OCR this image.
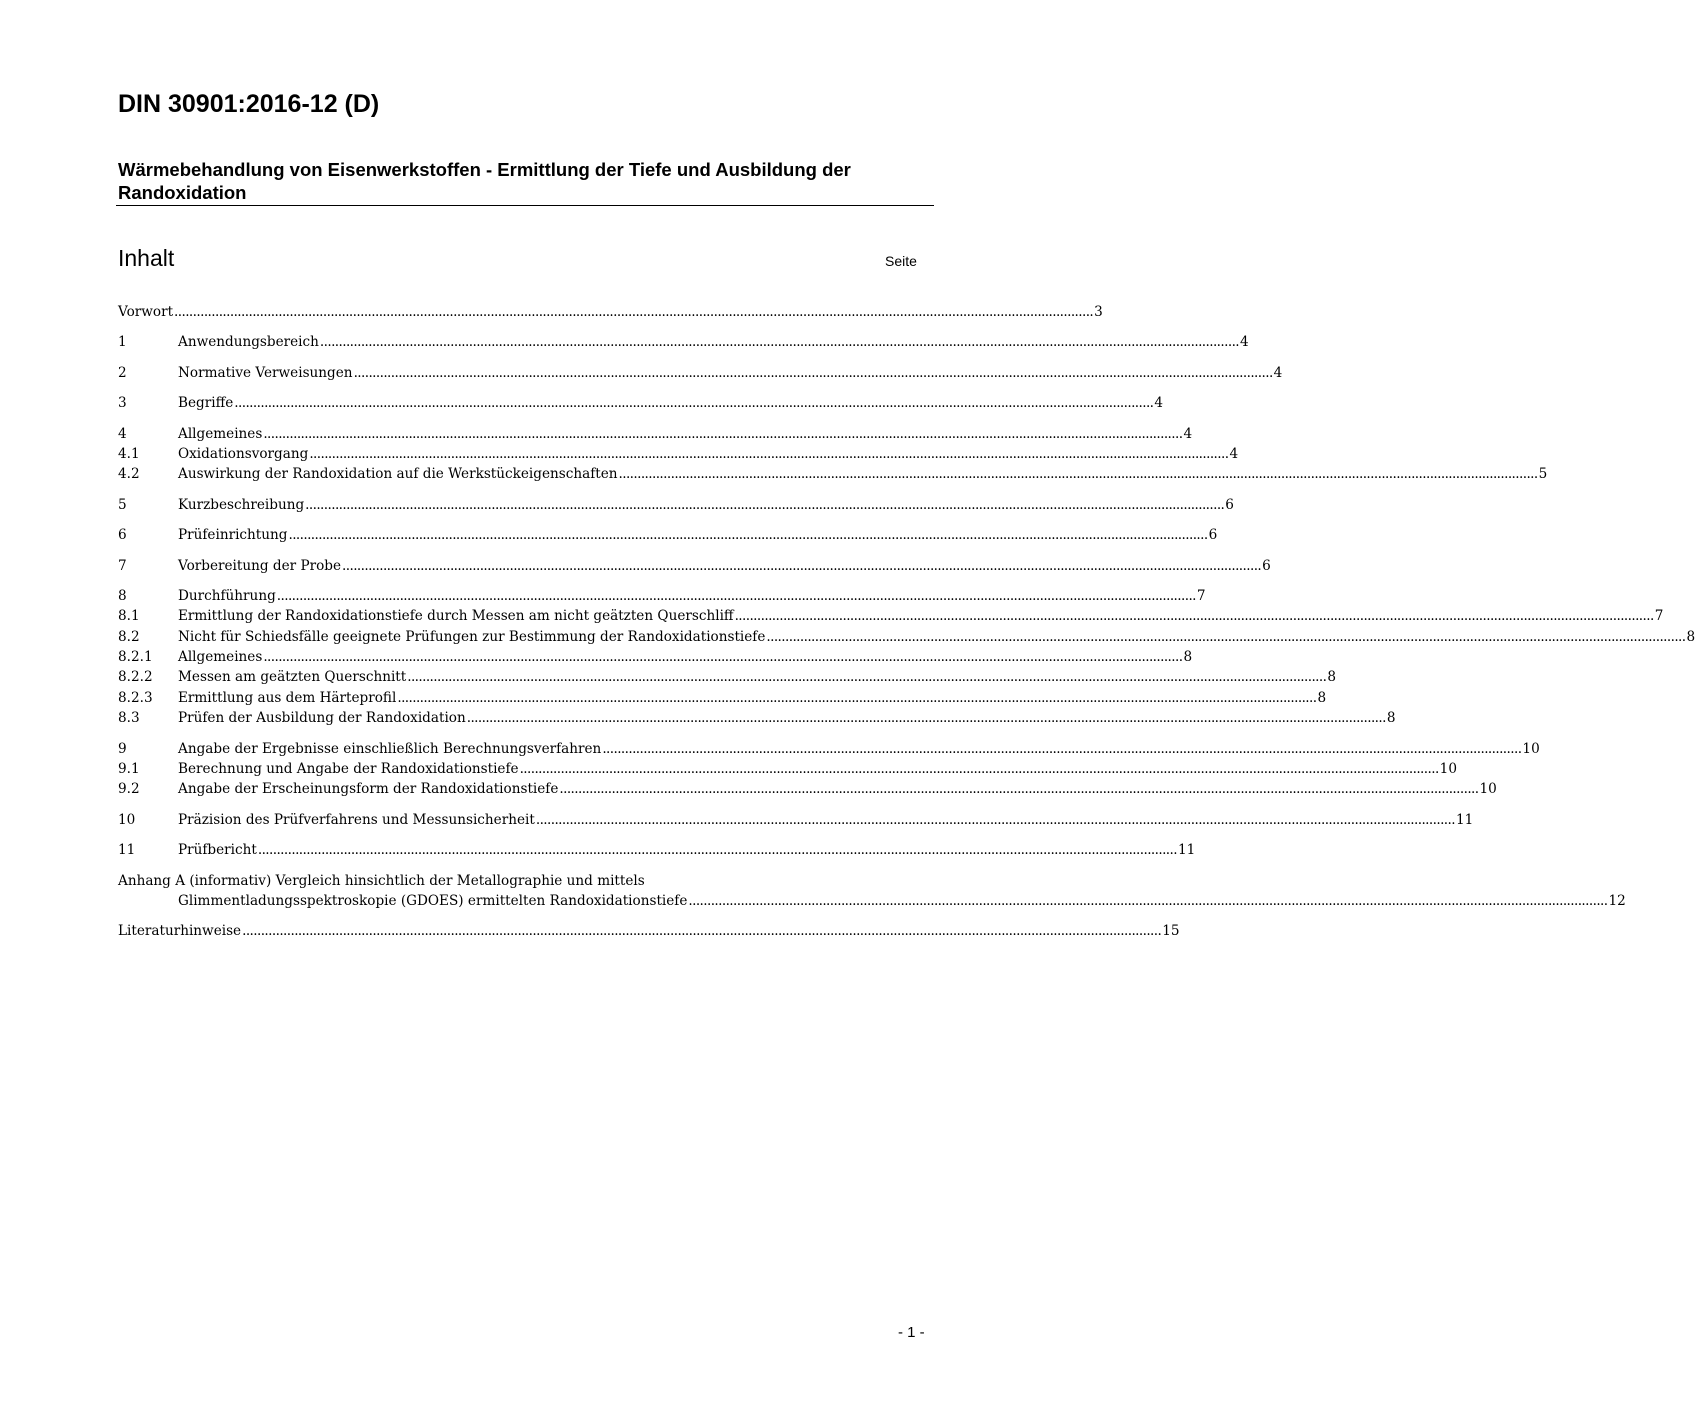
DIN 30901:2016-12 (D)
Wärmebehandlung von Eisenwerkstoffen - Ermittlung der Tiefe und Ausbildung der Randoxidation
Inhalt	Seite
Vorwort ....................................................................................................................................................................................................................................................... 3
1	Anwendungsbereich ....................................................................................................................................................................................................................................................... 4
2	Normative Verweisungen ....................................................................................................................................................................................................................................................... 4
3	Begriffe ....................................................................................................................................................................................................................................................... 4
4	Allgemeines ....................................................................................................................................................................................................................................................... 4
4.1	Oxidationsvorgang ....................................................................................................................................................................................................................................................... 4
4.2	Auswirkung der Randoxidation auf die Werkstückeigenschaften ....................................................................................................................................................................................................................................................... 5
5	Kurzbeschreibung ....................................................................................................................................................................................................................................................... 6
6	Prüfeinrichtung ....................................................................................................................................................................................................................................................... 6
7	Vorbereitung der Probe ....................................................................................................................................................................................................................................................... 6
8	Durchführung ....................................................................................................................................................................................................................................................... 7
8.1	Ermittlung der Randoxidationstiefe durch Messen am nicht geätzten Querschliff ....................................................................................................................................................................................................................................................... 7
8.2	Nicht für Schiedsfälle geeignete Prüfungen zur Bestimmung der Randoxidationstiefe ....................................................................................................................................................................................................................................................... 8
8.2.1	Allgemeines ....................................................................................................................................................................................................................................................... 8
8.2.2	Messen am geätzten Querschnitt ....................................................................................................................................................................................................................................................... 8
8.2.3	Ermittlung aus dem Härteprofil ....................................................................................................................................................................................................................................................... 8
8.3	Prüfen der Ausbildung der Randoxidation ....................................................................................................................................................................................................................................................... 8
9	Angabe der Ergebnisse einschließlich Berechnungsverfahren ....................................................................................................................................................................................................................................................... 10
9.1	Berechnung und Angabe der Randoxidationstiefe ....................................................................................................................................................................................................................................................... 10
9.2	Angabe der Erscheinungsform der Randoxidationstiefe ....................................................................................................................................................................................................................................................... 10
10	Präzision des Prüfverfahrens und Messunsicherheit ....................................................................................................................................................................................................................................................... 11
11	Prüfbericht ....................................................................................................................................................................................................................................................... 11
Anhang A (informativ) Vergleich hinsichtlich der Metallographie und mittels
Glimmentladungsspektroskopie (GDOES) ermittelten Randoxidationstiefe ....................................................................................................................................................................................................................................................... 12
Literaturhinweise ....................................................................................................................................................................................................................................................... 15
- 1 -
